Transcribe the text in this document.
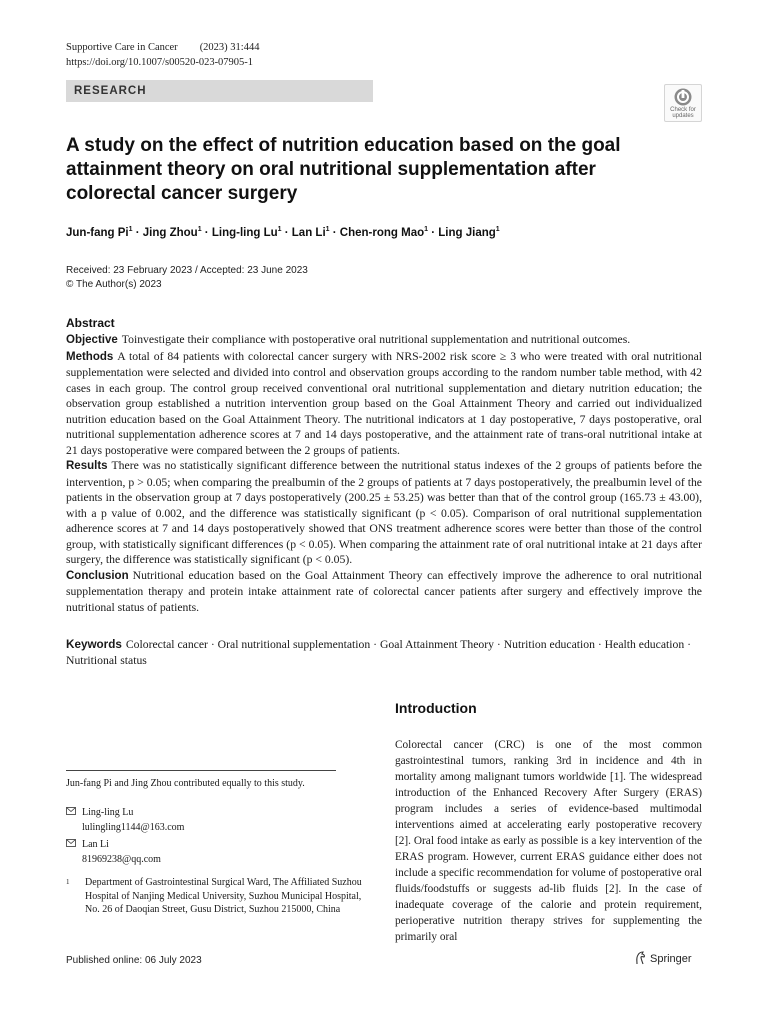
Supportive Care in Cancer (2023) 31:444
https://doi.org/10.1007/s00520-023-07905-1
RESEARCH
Check for updates
A study on the effect of nutrition education based on the goal attainment theory on oral nutritional supplementation after colorectal cancer surgery
Jun-fang $Pi^1$ · Jing Zhou$^1$ · Ling-ling $Lu^1$ · Lan $Li^1$ · Chen-rong Mao$^1$ · Ling Jiang$^1$
Received: 23 February 2023 / Accepted: 23 June 2023
© The Author(s) 2023
Abstract

Objective Toinvestigate their compliance with postoperative oral nutritional supplementation and nutritional outcomes.

Methods A total of 84 patients with colorectal cancer surgery with NRS-2002 risk score ≥ 3 who were treated with oral nutritional supplementation were selected and divided into control and observation groups according to the random number table method, with 42 cases in each group. The control group received conventional oral nutritional supplementation and dietary nutrition education; the observation group established a nutrition intervention group based on the Goal Attainment Theory and carried out individualized nutrition education based on the Goal Attainment Theory. The nutritional indicators at 1 day postoperative, 7 days postoperative, oral nutritional supplementation adherence scores at 7 and 14 days postoperative, and the attainment rate of trans-oral nutritional intake at 21 days postoperative were compared between the 2 groups of patients.

Results There was no statistically significant difference between the nutritional status indexes of the 2 groups of patients before the intervention, p > 0.05; when comparing the prealbumin of the 2 groups of patients at 7 days postoperatively, the prealbumin level of the patients in the observation group at 7 days postoperatively (200.25 ± 53.25) was better than that of the control group (165.73 ± 43.00), with a p value of 0.002, and the difference was statistically significant (p < 0.05). Comparison of oral nutritional supplementation adherence scores at 7 and 14 days postoperatively showed that ONS treatment adherence scores were better than those of the control group, with statistically significant differences (p < 0.05). When comparing the attainment rate of oral nutritional intake at 21 days after surgery, the difference was statistically significant (p < 0.05).

Conclusion Nutritional education based on the Goal Attainment Theory can effectively improve the adherence to oral nutritional supplementation therapy and protein intake attainment rate of colorectal cancer patients after surgery and effectively improve the nutritional status of patients.

Keywords Colorectal cancer · Oral nutritional supplementation · Goal Attainment Theory · Nutrition education · Health education · Nutritional status
Introduction

Colorectal cancer (CRC) is one of the most common gastrointestinal tumors, ranking 3rd in incidence and 4th in mortality among malignant tumors worldwide [1]. The widespread introduction of the Enhanced Recovery After Surgery (ERAS) program includes a series of evidence-based multimodal interventions aimed at accelerating early postoperative recovery [2]. Oral food intake as early as possible is a key intervention of the ERAS program. However, current ERAS guidance either does not include a specific recommendation for volume of postoperative oral fluids/foodstuffs or suggests ad-lib fluids [2]. In the case of inadequate coverage of the calorie and protein requirement, perioperative nutrition therapy strives for supplementing the primarily oral

Jun-fang Pi and Jing Zhou contributed equally to this study.
Ling-ling Lu
lulingling1144@163.com
Lan Li
81969238@qq.com
1 Department of Gastrointestinal Surgical Ward, The Affiliated Suzhou Hospital of Nanjing Medical University, Suzhou Municipal Hospital, No. 26 of Daoqian Street, Gusu District, Suzhou 215000, China
Published online: 06 July 2023	Springer
